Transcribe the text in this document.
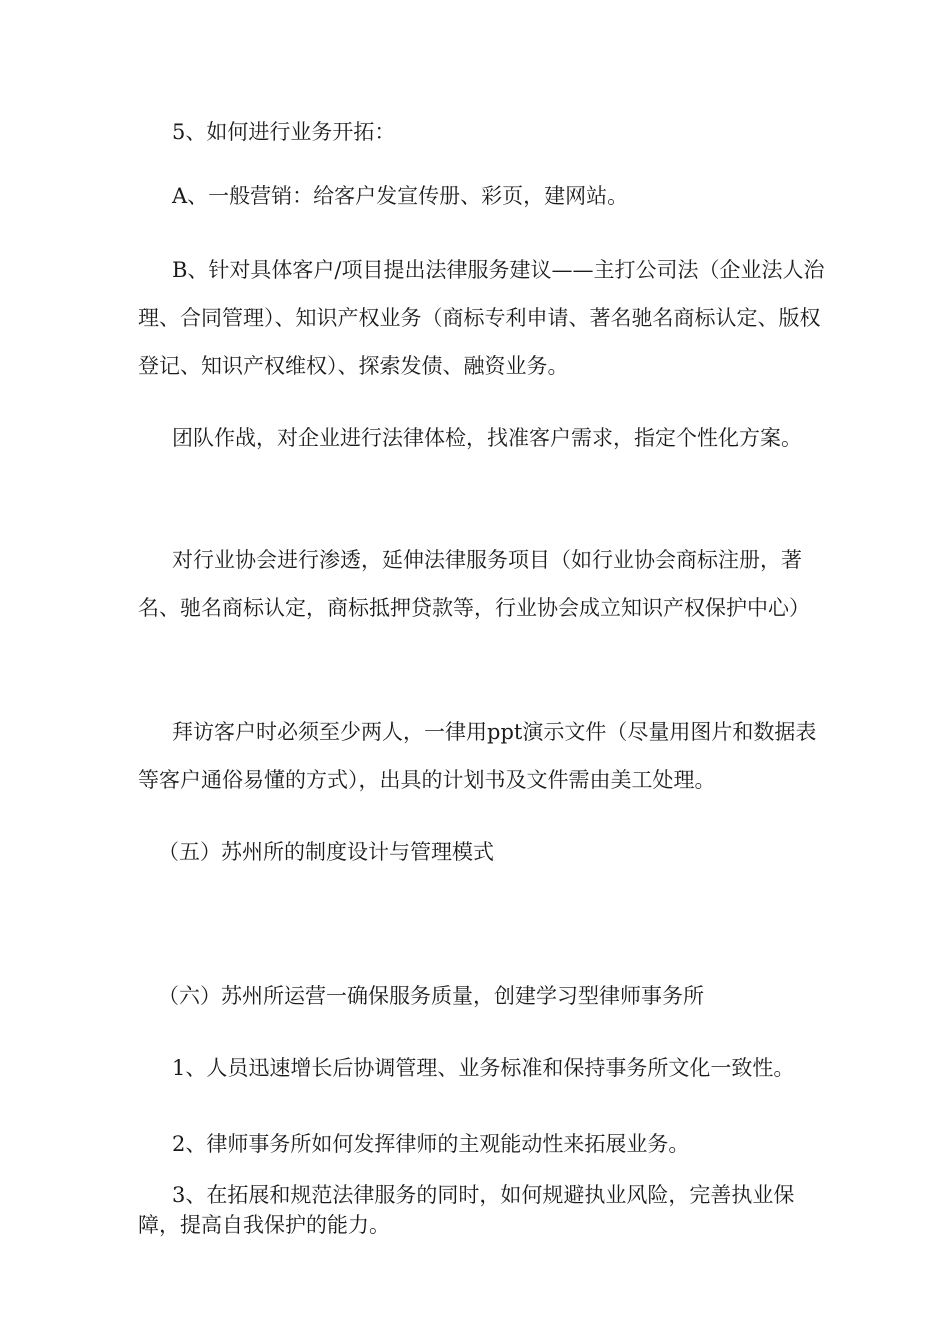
5、如何进行业务开拓：

A、一般营销：给客户发宣传册、彩页，建网站。

B、针对具体客户/项目提出法律服务建议——主打公司法（企业法人治理、合同管理）、知识产权业务（商标专利申请、著名驰名商标认定、版权登记、知识产权维权）、探索发债、融资业务。

团队作战，对企业进行法律体检，找准客户需求，指定个性化方案。

对行业协会进行渗透，延伸法律服务项目（如行业协会商标注册，著名、驰名商标认定，商标抵押贷款等，行业协会成立知识产权保护中心）

拜访客户时必须至少两人，一律用ppt演示文件（尽量用图片和数据表等客户通俗易懂的方式），出具的计划书及文件需由美工处理。

（五）苏州所的制度设计与管理模式

（六）苏州所运营一确保服务质量，创建学习型律师事务所

1、人员迅速增长后协调管理、业务标准和保持事务所文化一致性。

2、律师事务所如何发挥律师的主观能动性来拓展业务。

3、在拓展和规范法律服务的同时，如何规避执业风险，完善执业保障，提高自我保护的能力。
